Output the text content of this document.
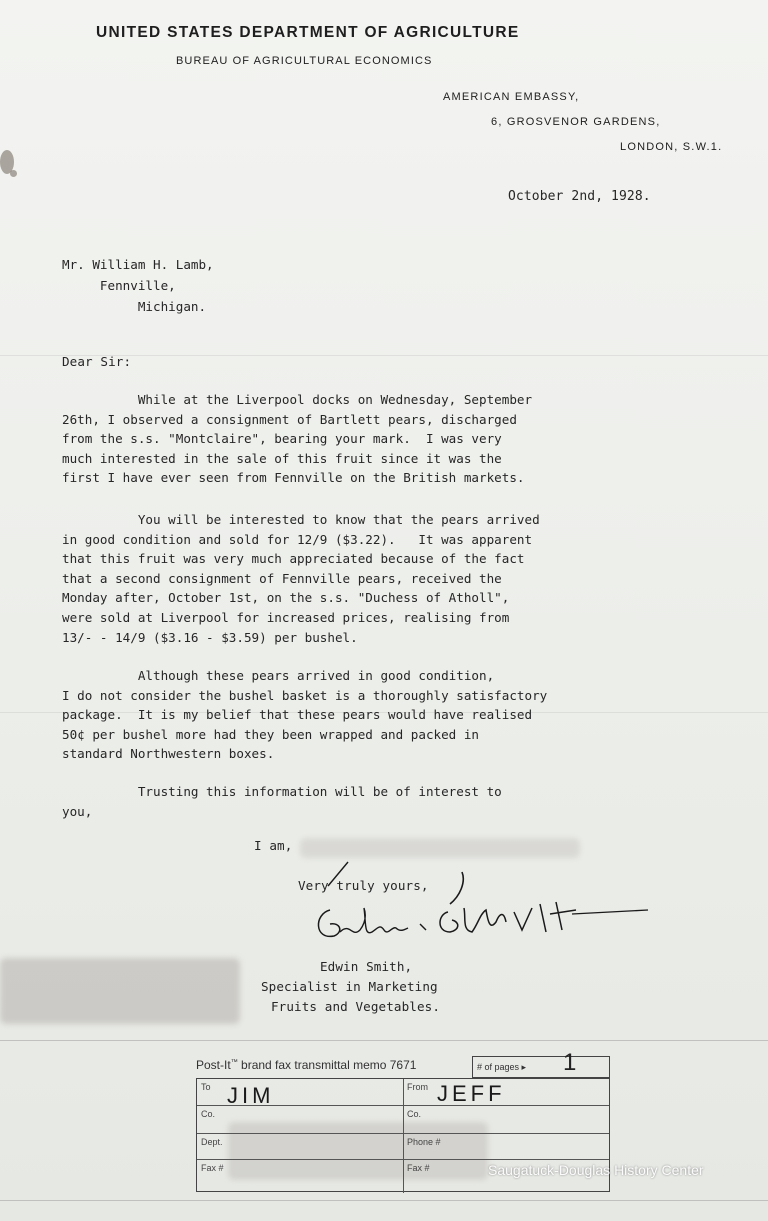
UNITED STATES DEPARTMENT OF AGRICULTURE
BUREAU OF AGRICULTURAL ECONOMICS
AMERICAN EMBASSY,
6, GROSVENOR GARDENS,
LONDON, S.W.1.
October 2nd, 1928.
Mr. William H. Lamb,
Fennville,
Michigan.
Dear Sir:
While at the Liverpool docks on Wednesday, September
26th, I observed a consignment of Bartlett pears, discharged
from the s.s. "Montclaire", bearing your mark.  I was very
much interested in the sale of this fruit since it was the
first I have ever seen from Fennville on the British markets.
You will be interested to know that the pears arrived
in good condition and sold for 12/9 ($3.22).   It was apparent
that this fruit was very much appreciated because of the fact
that a second consignment of Fennville pears, received the
Monday after, October 1st, on the s.s. "Duchess of Atholl",
were sold at Liverpool for increased prices, realising from
13/- - 14/9 ($3.16 - $3.59) per bushel.
Although these pears arrived in good condition,
I do not consider the bushel basket is a thoroughly satisfactory
package.  It is my belief that these pears would have realised
50¢ per bushel more had they been wrapped and packed in
standard Northwestern boxes.
Trusting this information will be of interest to
you,
I am,
Very truly yours,
Edwin Smith,
Specialist in Marketing
Fruits and Vegetables.
Post-It™ brand fax transmittal memo 7671	# of pages ▸ 1
To JIM	From JEFF
Co.	Co.
Dept.	Phone #
Fax #	Fax #	Saugatuck-Douglas History Center
